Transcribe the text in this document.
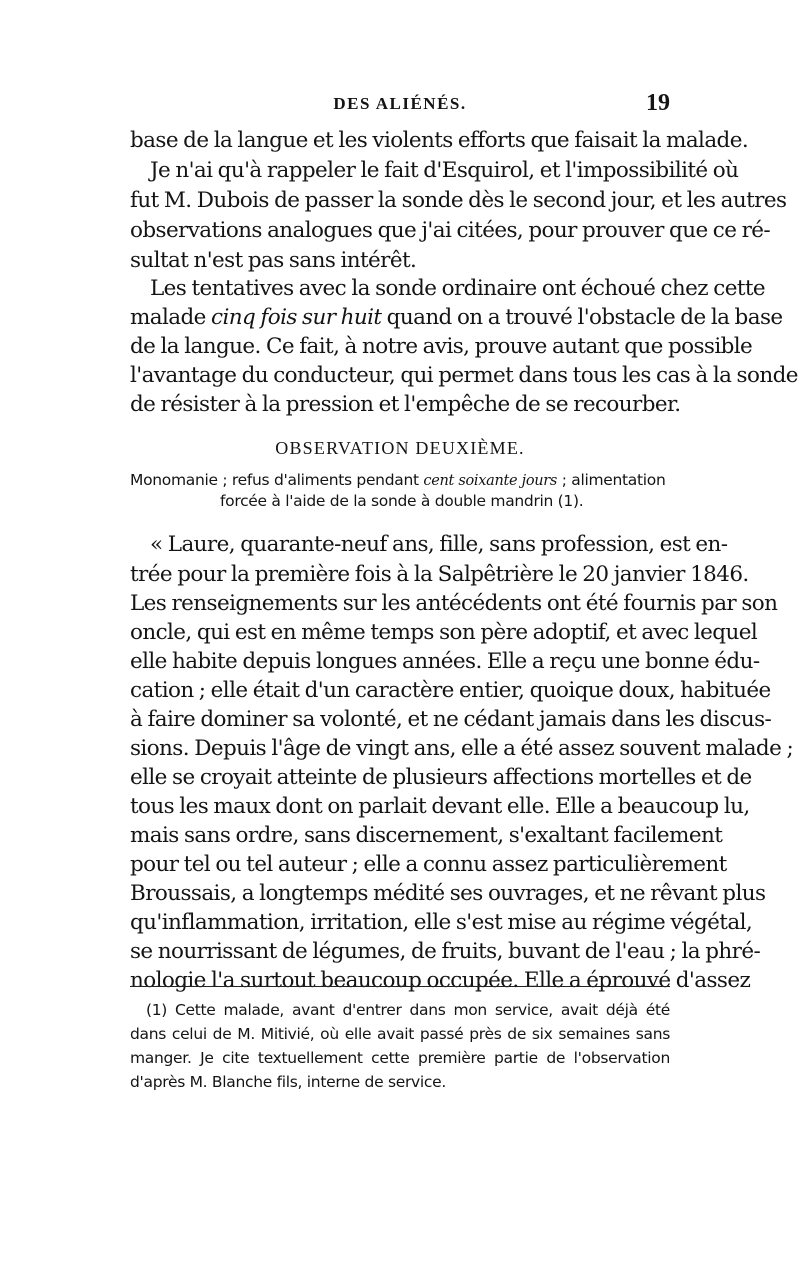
DES ALIÉNÉS.	19
base de la langue et les violents efforts que faisait la malade.
Je n'ai qu'à rappeler le fait d'Esquirol, et l'impossibilité où
fut M. Dubois de passer la sonde dès le second jour, et les autres
observations analogues que j'ai citées, pour prouver que ce ré-
sultat n'est pas sans intérêt.
Les tentatives avec la sonde ordinaire ont échoué chez cette
malade cinq fois sur huit quand on a trouvé l'obstacle de la base
de la langue. Ce fait, à notre avis, prouve autant que possible
l'avantage du conducteur, qui permet dans tous les cas à la sonde
de résister à la pression et l'empêche de se recourber.
OBSERVATION DEUXIÈME.
Monomanie ; refus d'aliments pendant cent soixante jours ; alimentation
forcée à l'aide de la sonde à double mandrin (1).
« Laure, quarante-neuf ans, fille, sans profession, est en-
trée pour la première fois à la Salpêtrière le 20 janvier 1846.
Les renseignements sur les antécédents ont été fournis par son
oncle, qui est en même temps son père adoptif, et avec lequel
elle habite depuis longues années. Elle a reçu une bonne édu-
cation ; elle était d'un caractère entier, quoique doux, habituée
à faire dominer sa volonté, et ne cédant jamais dans les discus-
sions. Depuis l'âge de vingt ans, elle a été assez souvent malade ;
elle se croyait atteinte de plusieurs affections mortelles et de
tous les maux dont on parlait devant elle. Elle a beaucoup lu,
mais sans ordre, sans discernement, s'exaltant facilement
pour tel ou tel auteur ; elle a connu assez particulièrement
Broussais, a longtemps médité ses ouvrages, et ne rêvant plus
qu'inflammation, irritation, elle s'est mise au régime végétal,
se nourrissant de légumes, de fruits, buvant de l'eau ; la phré-
nologie l'a surtout beaucoup occupée. Elle a éprouvé d'assez
(1) Cette malade, avant d'entrer dans mon service, avait déjà été
dans celui de M. Mitivié, où elle avait passé près de six semaines sans
manger. Je cite textuellement cette première partie de l'observation
d'après M. Blanche fils, interne de service.
